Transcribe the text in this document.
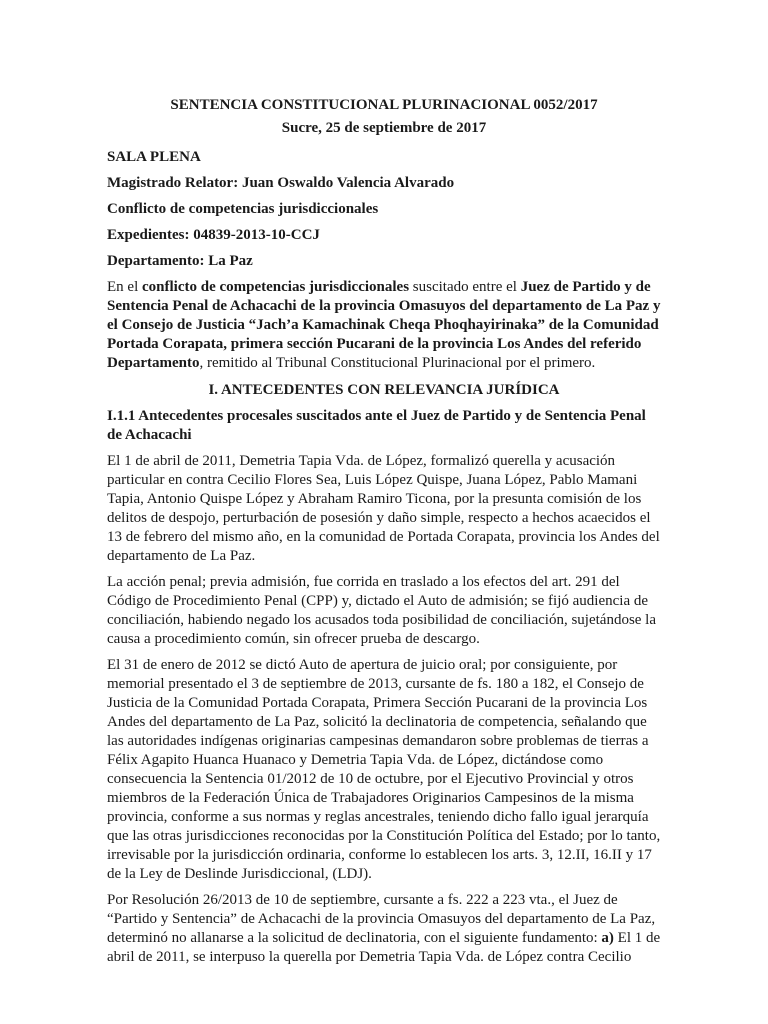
SENTENCIA CONSTITUCIONAL PLURINACIONAL 0052/2017
Sucre, 25 de septiembre de 2017
SALA PLENA
Magistrado Relator: Juan Oswaldo Valencia Alvarado
Conflicto de competencias jurisdiccionales
Expedientes: 04839-2013-10-CCJ
Departamento: La Paz

En el conflicto de competencias jurisdiccionales suscitado entre el Juez de Partido y de Sentencia Penal de Achacachi de la provincia Omasuyos del departamento de La Paz y el Consejo de Justicia “Jach’a Kamachinak Cheqa Phoqhayirinaka” de la Comunidad Portada Corapata, primera sección Pucarani de la provincia Los Andes del referido Departamento, remitido al Tribunal Constitucional Plurinacional por el primero.

I. ANTECEDENTES CON RELEVANCIA JURÍDICA
I.1.1 Antecedentes procesales suscitados ante el Juez de Partido y de Sentencia Penal de Achacachi

El 1 de abril de 2011, Demetria Tapia Vda. de López, formalizó querella y acusación particular en contra Cecilio Flores Sea, Luis López Quispe, Juana López, Pablo Mamani Tapia, Antonio Quispe López y Abraham Ramiro Ticona, por la presunta comisión de los delitos de despojo, perturbación de posesión y daño simple, respecto a hechos acaecidos el 13 de febrero del mismo año, en la comunidad de Portada Corapata, provincia los Andes del departamento de La Paz.

La acción penal; previa admisión, fue corrida en traslado a los efectos del art. 291 del Código de Procedimiento Penal (CPP) y, dictado el Auto de admisión; se fijó audiencia de conciliación, habiendo negado los acusados toda posibilidad de conciliación, sujetándose la causa a procedimiento común, sin ofrecer prueba de descargo.

El 31 de enero de 2012 se dictó Auto de apertura de juicio oral; por consiguiente, por memorial presentado el 3 de septiembre de 2013, cursante de fs. 180 a 182, el Consejo de Justicia de la Comunidad Portada Corapata, Primera Sección Pucarani de la provincia Los Andes del departamento de La Paz, solicitó la declinatoria de competencia, señalando que las autoridades indígenas originarias campesinas demandaron sobre problemas de tierras a Félix Agapito Huanca Huanaco y Demetria Tapia Vda. de López, dictándose como consecuencia la Sentencia 01/2012 de 10 de octubre, por el Ejecutivo Provincial y otros miembros de la Federación Única de Trabajadores Originarios Campesinos de la misma provincia, conforme a sus normas y reglas ancestrales, teniendo dicho fallo igual jerarquía que las otras jurisdicciones reconocidas por la Constitución Política del Estado; por lo tanto, irrevisable por la jurisdicción ordinaria, conforme lo establecen los arts. 3, 12.II, 16.II y 17 de la Ley de Deslinde Jurisdiccional, (LDJ).

Por Resolución 26/2013 de 10 de septiembre, cursante a fs. 222 a 223 vta., el Juez de “Partido y Sentencia” de Achacachi de la provincia Omasuyos del departamento de La Paz, determinó no allanarse a la solicitud de declinatoria, con el siguiente fundamento: a) El 1 de abril de 2011, se interpuso la querella por Demetria Tapia Vda. de López contra Cecilio
